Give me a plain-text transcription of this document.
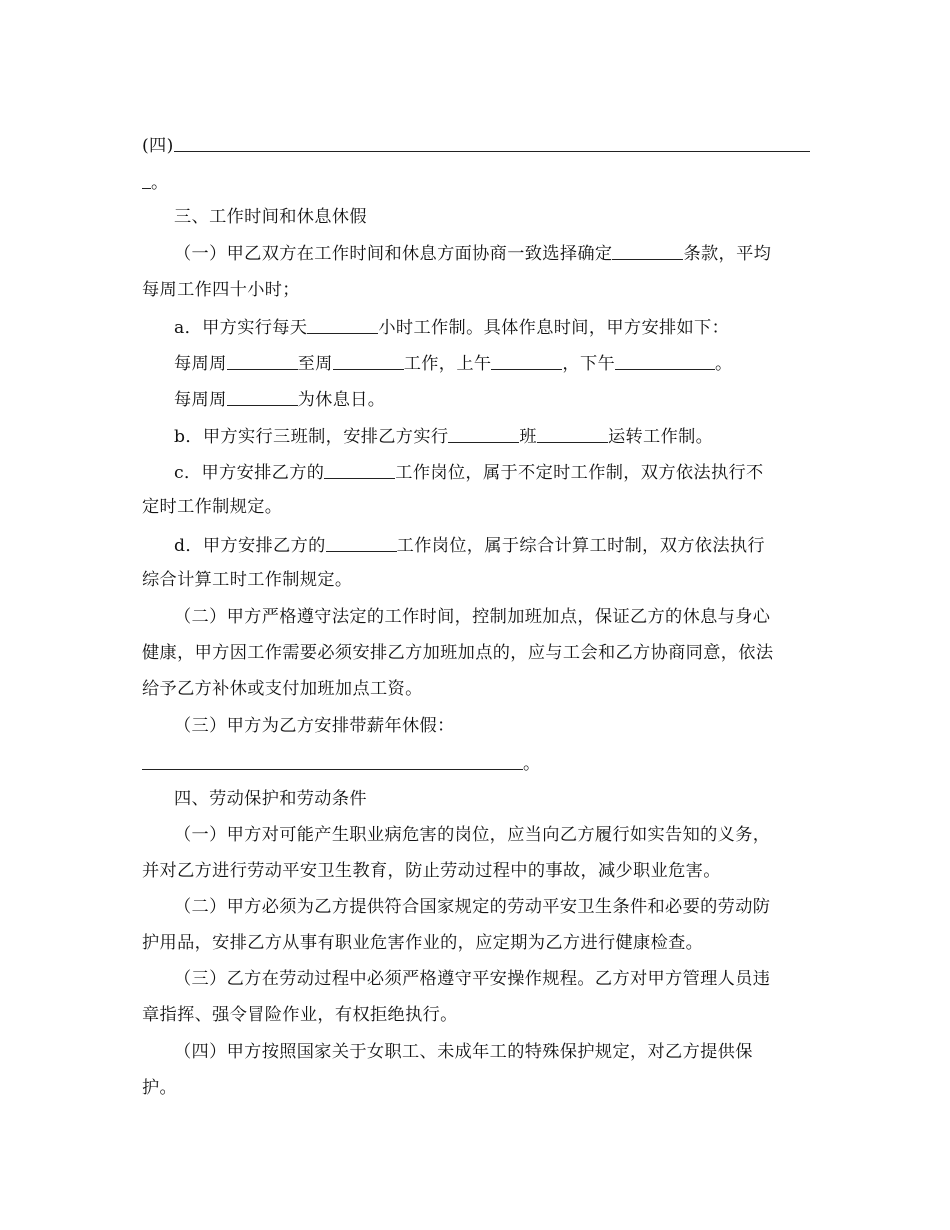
(四)

。

三、工作时间和休息休假

（一）甲乙双方在工作时间和休息方面协商一致选择确定	条款，平均

每周工作四十小时；

a．甲方实行每天	小时工作制。具体作息时间，甲方安排如下：

每周周	至周	工作，上午	，下午	。

每周周	为休息日。

b．甲方实行三班制，安排乙方实行	班	运转工作制。

c．甲方安排乙方的	工作岗位，属于不定时工作制，双方依法执行不

定时工作制规定。

d．甲方安排乙方的	工作岗位，属于综合计算工时制，双方依法执行

综合计算工时工作制规定。

（二）甲方严格遵守法定的工作时间，控制加班加点，保证乙方的休息与身心

健康，甲方因工作需要必须安排乙方加班加点的，应与工会和乙方协商同意，依法

给予乙方补休或支付加班加点工资。

（三）甲方为乙方安排带薪年休假：

。

四、劳动保护和劳动条件

（一）甲方对可能产生职业病危害的岗位，应当向乙方履行如实告知的义务，

并对乙方进行劳动平安卫生教育，防止劳动过程中的事故，减少职业危害。

（二）甲方必须为乙方提供符合国家规定的劳动平安卫生条件和必要的劳动防

护用品，安排乙方从事有职业危害作业的，应定期为乙方进行健康检查。

（三）乙方在劳动过程中必须严格遵守平安操作规程。乙方对甲方管理人员违

章指挥、强令冒险作业，有权拒绝执行。

（四）甲方按照国家关于女职工、未成年工的特殊保护规定，对乙方提供保

护。
